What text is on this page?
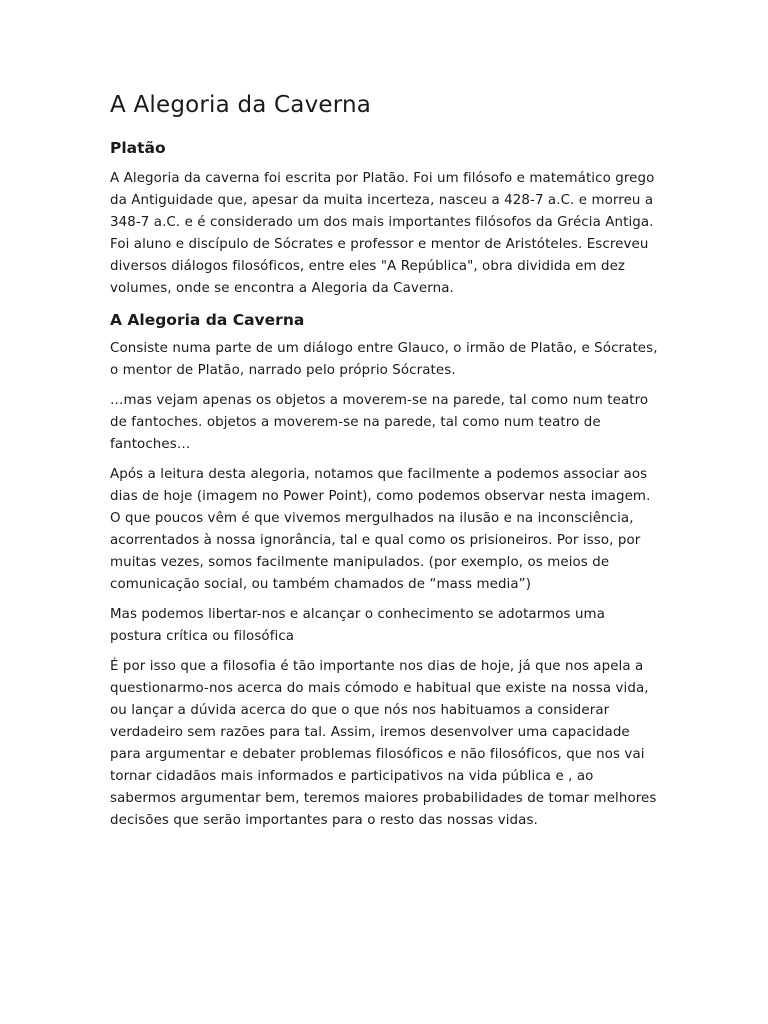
A Alegoria da Caverna
Platão

A Alegoria da caverna foi escrita por Platão. Foi um filósofo e matemático grego da Antiguidade que, apesar da muita incerteza, nasceu a 428-7 a.C. e morreu a 348-7 a.C. e é considerado um dos mais importantes filósofos da Grécia Antiga. Foi aluno e discípulo de Sócrates e professor e mentor de Aristóteles. Escreveu diversos diálogos filosóficos, entre eles "A República", obra dividida em dez volumes, onde se encontra a Alegoria da Caverna.

A Alegoria da Caverna

Consiste numa parte de um diálogo entre Glauco, o irmão de Platão, e Sócrates, o mentor de Platão, narrado pelo próprio Sócrates.

…mas vejam apenas os objetos a moverem-se na parede, tal como num teatro de fantoches. objetos a moverem-se na parede, tal como num teatro de fantoches…

Após a leitura desta alegoria, notamos que facilmente a podemos associar aos dias de hoje (imagem no Power Point), como podemos observar nesta imagem. O que poucos vêm é que vivemos mergulhados na ilusão e na inconsciência, acorrentados à nossa ignorância, tal e qual como os prisioneiros. Por isso, por muitas vezes, somos facilmente manipulados. (por exemplo, os meios de comunicação social, ou também chamados de “mass media”)

Mas podemos libertar-nos e alcançar o conhecimento se adotarmos uma postura crítica ou filosófica

É por isso que a filosofia é tão importante nos dias de hoje, já que nos apela a questionarmo-nos acerca do mais cómodo e habitual que existe na nossa vida, ou lançar a dúvida acerca do que o que nós nos habituamos a considerar verdadeiro sem razões para tal. Assim, iremos desenvolver uma capacidade para argumentar e debater problemas filosóficos e não filosóficos, que nos vai tornar cidadãos mais informados e participativos na vida pública e , ao sabermos argumentar bem, teremos maiores probabilidades de tomar melhores decisões que serão importantes para o resto das nossas vidas.
